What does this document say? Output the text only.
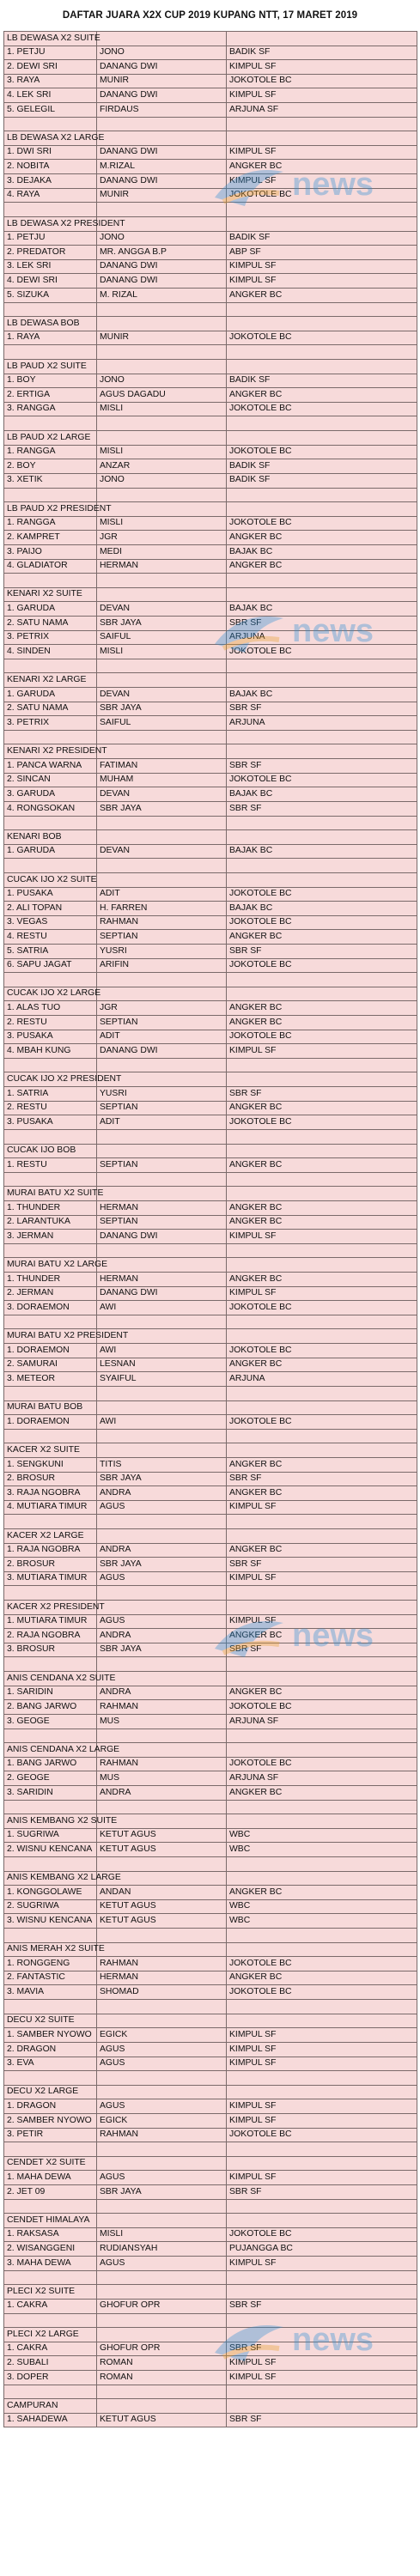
DAFTAR JUARA X2X CUP 2019 KUPANG NTT, 17 MARET 2019
LB DEWASA X2 SUITE		
1. PETJU	JONO	BADIK SF
2. DEWI SRI	DANANG DWI	KIMPUL SF
3. RAYA	MUNIR	JOKOTOLE BC
4. LEK SRI	DANANG DWI	KIMPUL SF
5. GELEGIL	FIRDAUS	ARJUNA SF

LB DEWASA X2 LARGE		
1. DWI SRI	DANANG DWI	KIMPUL SF
2. NOBITA	M.RIZAL	ANGKER BC
3. DEJAKA	DANANG DWI	KIMPUL SF
4. RAYA	MUNIR	JOKOTOLE BC

LB DEWASA X2 PRESIDENT		
1. PETJU	JONO	BADIK SF
2. PREDATOR	MR. ANGGA B.P	ABP SF
3. LEK SRI	DANANG DWI	KIMPUL SF
4. DEWI SRI	DANANG DWI	KIMPUL SF
5. SIZUKA	M. RIZAL	ANGKER BC

LB DEWASA BOB		
1. RAYA	MUNIR	JOKOTOLE BC

LB PAUD X2 SUITE		
1. BOY	JONO	BADIK SF
2. ERTIGA	AGUS DAGADU	ANGKER BC
3. RANGGA	MISLI	JOKOTOLE BC

LB PAUD X2 LARGE		
1. RANGGA	MISLI	JOKOTOLE BC
2. BOY	ANZAR	BADIK SF
3. XETIK	JONO	BADIK SF

LB PAUD X2 PRESIDENT		
1. RANGGA	MISLI	JOKOTOLE BC
2. KAMPRET	JGR	ANGKER BC
3. PAIJO	MEDI	BAJAK BC
4. GLADIATOR	HERMAN	ANGKER BC

KENARI X2 SUITE		
1. GARUDA	DEVAN	BAJAK BC
2. SATU NAMA	SBR JAYA	SBR SF
3. PETRIX	SAIFUL	ARJUNA
4. SINDEN	MISLI	JOKOTOLE BC

KENARI X2 LARGE		
1. GARUDA	DEVAN	BAJAK BC
2. SATU NAMA	SBR JAYA	SBR SF
3. PETRIX	SAIFUL	ARJUNA

KENARI X2 PRESIDENT		
1. PANCA WARNA	FATIMAN	SBR SF
2. SINCAN	MUHAM	JOKOTOLE BC
3. GARUDA	DEVAN	BAJAK BC
4. RONGSOKAN	SBR JAYA	SBR SF

KENARI BOB		
1. GARUDA	DEVAN	BAJAK BC

CUCAK IJO X2 SUITE		
1. PUSAKA	ADIT	JOKOTOLE BC
2. ALI TOPAN	H. FARREN	BAJAK BC
3. VEGAS	RAHMAN	JOKOTOLE BC
4. RESTU	SEPTIAN	ANGKER BC
5. SATRIA	YUSRI	SBR SF
6. SAPU JAGAT	ARIFIN	JOKOTOLE BC

CUCAK IJO X2 LARGE		
1. ALAS TUO	JGR	ANGKER BC
2. RESTU	SEPTIAN	ANGKER BC
3. PUSAKA	ADIT	JOKOTOLE BC
4. MBAH KUNG	DANANG DWI	KIMPUL SF

CUCAK IJO X2 PRESIDENT		
1. SATRIA	YUSRI	SBR SF
2. RESTU	SEPTIAN	ANGKER BC
3. PUSAKA	ADIT	JOKOTOLE BC

CUCAK IJO BOB		
1. RESTU	SEPTIAN	ANGKER BC

MURAI BATU X2 SUITE		
1. THUNDER	HERMAN	ANGKER BC
2. LARANTUKA	SEPTIAN	ANGKER BC
3. JERMAN	DANANG DWI	KIMPUL SF

MURAI BATU X2 LARGE		
1. THUNDER	HERMAN	ANGKER BC
2. JERMAN	DANANG DWI	KIMPUL SF
3. DORAEMON	AWI	JOKOTOLE BC

MURAI BATU X2 PRESIDENT		
1. DORAEMON	AWI	JOKOTOLE BC
2. SAMURAI	LESNAN	ANGKER BC
3. METEOR	SYAIFUL	ARJUNA

MURAI BATU BOB		
1. DORAEMON	AWI	JOKOTOLE BC

KACER X2 SUITE		
1. SENGKUNI	TITIS	ANGKER BC
2. BROSUR	SBR JAYA	SBR SF
3. RAJA NGOBRA	ANDRA	ANGKER BC
4. MUTIARA TIMUR	AGUS	KIMPUL SF

KACER X2 LARGE		
1. RAJA NGOBRA	ANDRA	ANGKER BC
2. BROSUR	SBR JAYA	SBR SF
3. MUTIARA TIMUR	AGUS	KIMPUL SF

KACER X2 PRESIDENT		
1. MUTIARA TIMUR	AGUS	KIMPUL SF
2. RAJA NGOBRA	ANDRA	ANGKER BC
3. BROSUR	SBR JAYA	SBR SF

ANIS CENDANA X2 SUITE		
1. SARIDIN	ANDRA	ANGKER BC
2. BANG JARWO	RAHMAN	JOKOTOLE BC
3. GEOGE	MUS	ARJUNA SF

ANIS CENDANA X2 LARGE		
1. BANG JARWO	RAHMAN	JOKOTOLE BC
2. GEOGE	MUS	ARJUNA SF
3. SARIDIN	ANDRA	ANGKER BC

ANIS KEMBANG X2 SUITE		
1. SUGRIWA	KETUT AGUS	WBC
2. WISNU KENCANA	KETUT AGUS	WBC

ANIS KEMBANG X2 LARGE		
1. KONGGOLAWE	ANDAN	ANGKER BC
2. SUGRIWA	KETUT AGUS	WBC
3. WISNU KENCANA	KETUT AGUS	WBC

ANIS MERAH X2 SUITE		
1. RONGGENG	RAHMAN	JOKOTOLE BC
2. FANTASTIC	HERMAN	ANGKER BC
3. MAVIA	SHOMAD	JOKOTOLE BC

DECU X2 SUITE		
1. SAMBER NYOWO	EGICK	KIMPUL SF
2. DRAGON	AGUS	KIMPUL SF
3. EVA	AGUS	KIMPUL SF

DECU X2 LARGE		
1. DRAGON	AGUS	KIMPUL SF
2. SAMBER NYOWO	EGICK	KIMPUL SF
3. PETIR	RAHMAN	JOKOTOLE BC

CENDET X2 SUITE		
1. MAHA DEWA	AGUS	KIMPUL SF
2. JET 09	SBR JAYA	SBR SF

CENDET HIMALAYA		
1. RAKSASA	MISLI	JOKOTOLE BC
2. WISANGGENI	RUDIANSYAH	PUJANGGA BC
3. MAHA DEWA	AGUS	KIMPUL SF

PLECI X2 SUITE		
1. CAKRA	GHOFUR OPR	SBR SF

PLECI X2 LARGE		
1. CAKRA	GHOFUR OPR	SBR SF
2. SUBALI	ROMAN	KIMPUL SF
3. DOPER	ROMAN	KIMPUL SF

CAMPURAN		
1. SAHADEWA	KETUT AGUS	SBR SF
news
news
news
news
